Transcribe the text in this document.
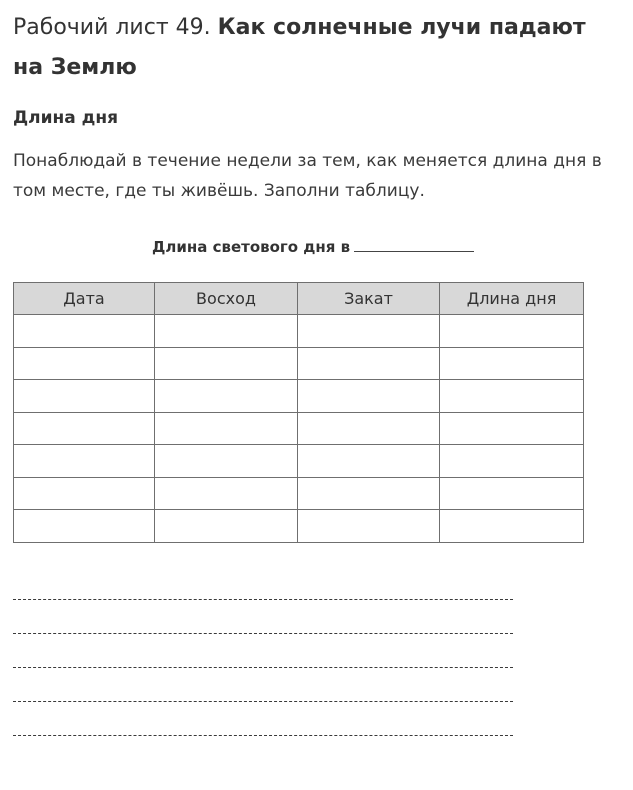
Рабочий лист 49. Как солнечные лучи падают
на Землю
Длина дня

Понаблюдай в течение недели за тем, как меняется длина дня в
том месте, где ты живёшь. Заполни таблицу.

Длина светового дня в
Дата	Восход	Закат	Длина дня
